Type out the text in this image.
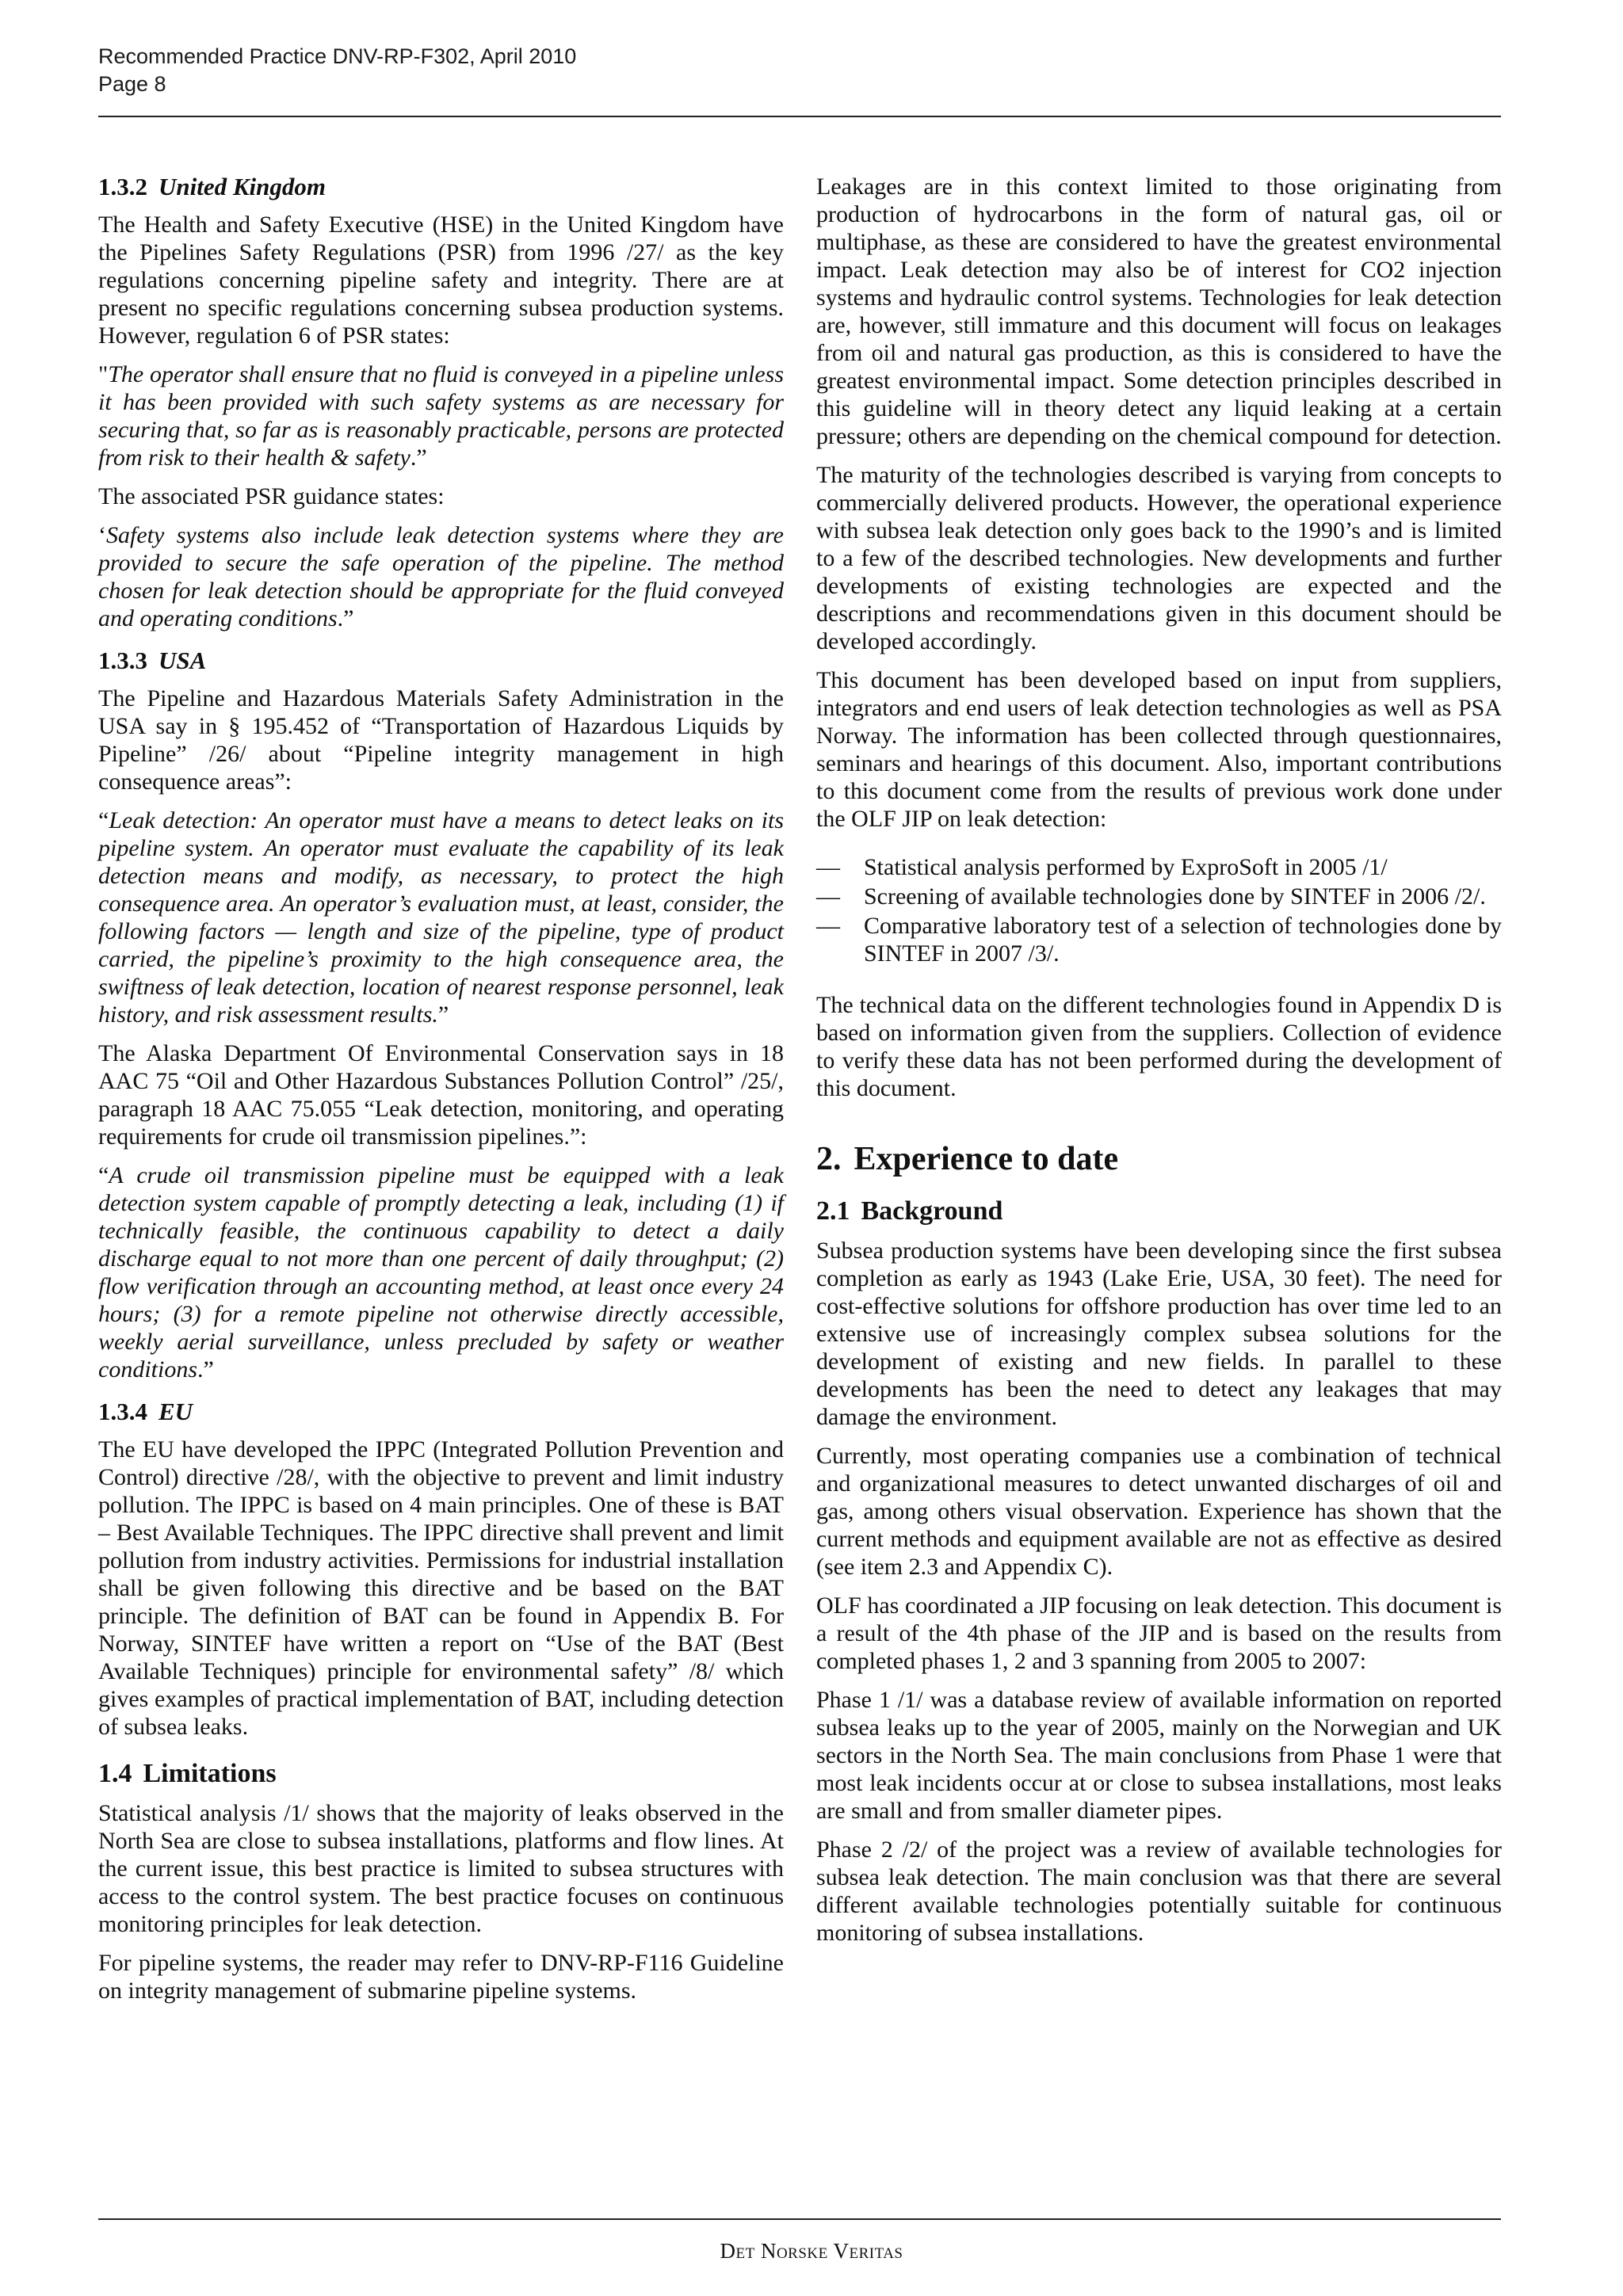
Recommended Practice DNV-RP-F302, April 2010
Page 8
1.3.2 United Kingdom

The Health and Safety Executive (HSE) in the United Kingdom have the Pipelines Safety Regulations (PSR) from 1996 /27/ as the key regulations concerning pipeline safety and integrity. There are at present no specific regulations concerning subsea production systems. However, regulation 6 of PSR states:

"The operator shall ensure that no fluid is conveyed in a pipeline unless it has been provided with such safety systems as are necessary for securing that, so far as is reasonably practicable, persons are protected from risk to their health & safety.”

The associated PSR guidance states:

‘Safety systems also include leak detection systems where they are provided to secure the safe operation of the pipeline. The method chosen for leak detection should be appropriate for the fluid conveyed and operating conditions.”

1.3.3 USA

The Pipeline and Hazardous Materials Safety Administration in the USA say in § 195.452 of “Transportation of Hazardous Liquids by Pipeline” /26/ about “Pipeline integrity management in high consequence areas”:

“Leak detection: An operator must have a means to detect leaks on its pipeline system. An operator must evaluate the capability of its leak detection means and modify, as necessary, to protect the high consequence area. An operator’s evaluation must, at least, consider, the following factors — length and size of the pipeline, type of product carried, the pipeline’s proximity to the high consequence area, the swiftness of leak detection, location of nearest response personnel, leak history, and risk assessment results.”

The Alaska Department Of Environmental Conservation says in 18 AAC 75 “Oil and Other Hazardous Substances Pollution Control” /25/, paragraph 18 AAC 75.055 “Leak detection, monitoring, and operating requirements for crude oil transmission pipelines.”:

“A crude oil transmission pipeline must be equipped with a leak detection system capable of promptly detecting a leak, including (1) if technically feasible, the continuous capability to detect a daily discharge equal to not more than one percent of daily throughput; (2) flow verification through an accounting method, at least once every 24 hours; (3) for a remote pipeline not otherwise directly accessible, weekly aerial surveillance, unless precluded by safety or weather conditions.”

1.3.4 EU

The EU have developed the IPPC (Integrated Pollution Prevention and Control) directive /28/, with the objective to prevent and limit industry pollution. The IPPC is based on 4 main principles. One of these is BAT – Best Available Techniques. The IPPC directive shall prevent and limit pollution from industry activities. Permissions for industrial installation shall be given following this directive and be based on the BAT principle. The definition of BAT can be found in Appendix B. For Norway, SINTEF have written a report on “Use of the BAT (Best Available Techniques) principle for environmental safety” /8/ which gives examples of practical implementation of BAT, including detection of subsea leaks.

1.4 Limitations

Statistical analysis /1/ shows that the majority of leaks observed in the North Sea are close to subsea installations, platforms and flow lines. At the current issue, this best practice is limited to subsea structures with access to the control system. The best practice focuses on continuous monitoring principles for leak detection.

For pipeline systems, the reader may refer to DNV-RP-F116 Guideline on integrity management of submarine pipeline systems.

Leakages are in this context limited to those originating from production of hydrocarbons in the form of natural gas, oil or multiphase, as these are considered to have the greatest environmental impact. Leak detection may also be of interest for CO2 injection systems and hydraulic control systems. Technologies for leak detection are, however, still immature and this document will focus on leakages from oil and natural gas production, as this is considered to have the greatest environmental impact. Some detection principles described in this guideline will in theory detect any liquid leaking at a certain pressure; others are depending on the chemical compound for detection.

The maturity of the technologies described is varying from concepts to commercially delivered products. However, the operational experience with subsea leak detection only goes back to the 1990’s and is limited to a few of the described technologies. New developments and further developments of existing technologies are expected and the descriptions and recommendations given in this document should be developed accordingly.

This document has been developed based on input from suppliers, integrators and end users of leak detection technologies as well as PSA Norway. The information has been collected through questionnaires, seminars and hearings of this document. Also, important contributions to this document come from the results of previous work done under the OLF JIP on leak detection:

— Statistical analysis performed by ExproSoft in 2005 /1/
— Screening of available technologies done by SINTEF in 2006 /2/.
— Comparative laboratory test of a selection of technologies done by SINTEF in 2007 /3/.

The technical data on the different technologies found in Appendix D is based on information given from the suppliers. Collection of evidence to verify these data has not been performed during the development of this document.

2. Experience to date
2.1 Background

Subsea production systems have been developing since the first subsea completion as early as 1943 (Lake Erie, USA, 30 feet). The need for cost-effective solutions for offshore production has over time led to an extensive use of increasingly complex subsea solutions for the development of existing and new fields. In parallel to these developments has been the need to detect any leakages that may damage the environment.

Currently, most operating companies use a combination of technical and organizational measures to detect unwanted discharges of oil and gas, among others visual observation. Experience has shown that the current methods and equipment available are not as effective as desired (see item 2.3 and Appendix C).

OLF has coordinated a JIP focusing on leak detection. This document is a result of the 4th phase of the JIP and is based on the results from completed phases 1, 2 and 3 spanning from 2005 to 2007:

Phase 1 /1/ was a database review of available information on reported subsea leaks up to the year of 2005, mainly on the Norwegian and UK sectors in the North Sea. The main conclusions from Phase 1 were that most leak incidents occur at or close to subsea installations, most leaks are small and from smaller diameter pipes.

Phase 2 /2/ of the project was a review of available technologies for subsea leak detection. The main conclusion was that there are several different available technologies potentially suitable for continuous monitoring of subsea installations.

Det Norske Veritas
